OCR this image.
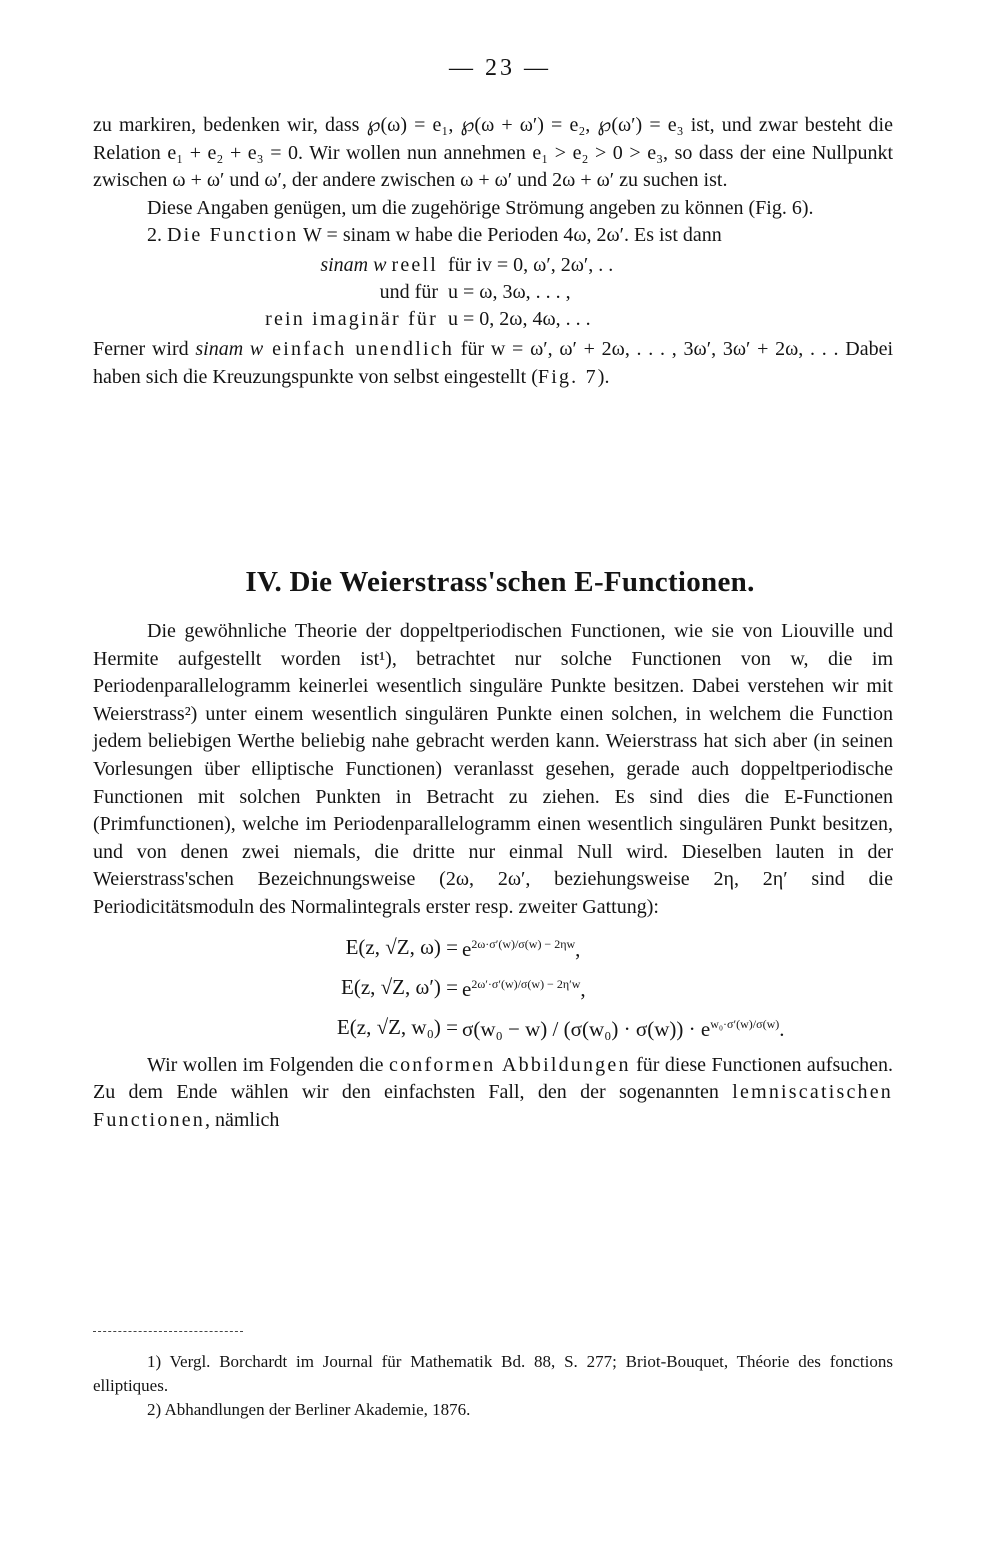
— 23 —

zu markiren, bedenken wir, dass ℘(ω) = e₁, ℘(ω + ω′) = e₂, ℘(ω′) = e₃ ist, und zwar besteht die Relation e₁ + e₂ + e₃ = 0. Wir wollen nun annehmen e₁ > e₂ > 0 > e₃, so dass der eine Nullpunkt zwischen ω + ω′ und ω′, der andere zwischen ω + ω′ und 2ω + ω′ zu suchen ist.

Diese Angaben genügen, um die zugehörige Strömung angeben zu können (Fig. 6).

2. Die Function W = sinam w habe die Perioden 4ω, 2ω′. Es ist dann

sinam w reell für iv = 0, ω′, 2ω′, . .
und für u = ω, 3ω, . . . ,
rein imaginär für u = 0, 2ω, 4ω, . . .

Ferner wird sinam w einfach unendlich für w = ω′, ω′ + 2ω, . . . , 3ω′, 3ω′ + 2ω, . . . Dabei haben sich die Kreuzungspunkte von selbst eingestellt (Fig. 7).

IV. Die Weierstrass'schen E-Functionen.

Die gewöhnliche Theorie der doppeltperiodischen Functionen, wie sie von Liouville und Hermite aufgestellt worden ist¹), betrachtet nur solche Functionen von w, die im Periodenparallelogramm keinerlei wesentlich singuläre Punkte besitzen. Dabei verstehen wir mit Weierstrass²) unter einem wesentlich singulären Punkte einen solchen, in welchem die Function jedem beliebigen Werthe beliebig nahe gebracht werden kann. Weierstrass hat sich aber (in seinen Vorlesungen über elliptische Functionen) veranlasst gesehen, gerade auch doppeltperiodische Functionen mit solchen Punkten in Betracht zu ziehen. Es sind dies die E-Functionen (Primfunctionen), welche im Periodenparallelogramm einen wesentlich singulären Punkt besitzen, und von denen zwei niemals, die dritte nur einmal Null wird. Dieselben lauten in der Weierstrass'schen Bezeichnungsweise (2ω, 2ω′, beziehungsweise 2η, 2η′ sind die Periodicitätsmoduln des Normalintegrals erster resp. zweiter Gattung):

E(z, √Z, $\omega) = e^{2\omega\cdot\sigma'(w)/\sigma(w) - 2\eta w}$,
E(z, √Z, $\omega') = e^{2\omega'\cdot\sigma'(w)/\sigma(w) - 2\eta'w}$,
E(z, √Z, $w_0) = \sigma(w_0 - w) / (\sigma(w_0) \cdot \sigma(w)) \cdot e^{w_0\cdot\sigma'(w)/\sigma(w)}$.

Wir wollen im Folgenden die conformen Abbildungen für diese Functionen aufsuchen. Zu dem Ende wählen wir den einfachsten Fall, den der sogenannten lemniscatischen Functionen, nämlich

1) Vergl. Borchardt im Journal für Mathematik Bd. 88, S. 277; Briot-Bouquet, Théorie des fonctions elliptiques.

2) Abhandlungen der Berliner Akademie, 1876.
